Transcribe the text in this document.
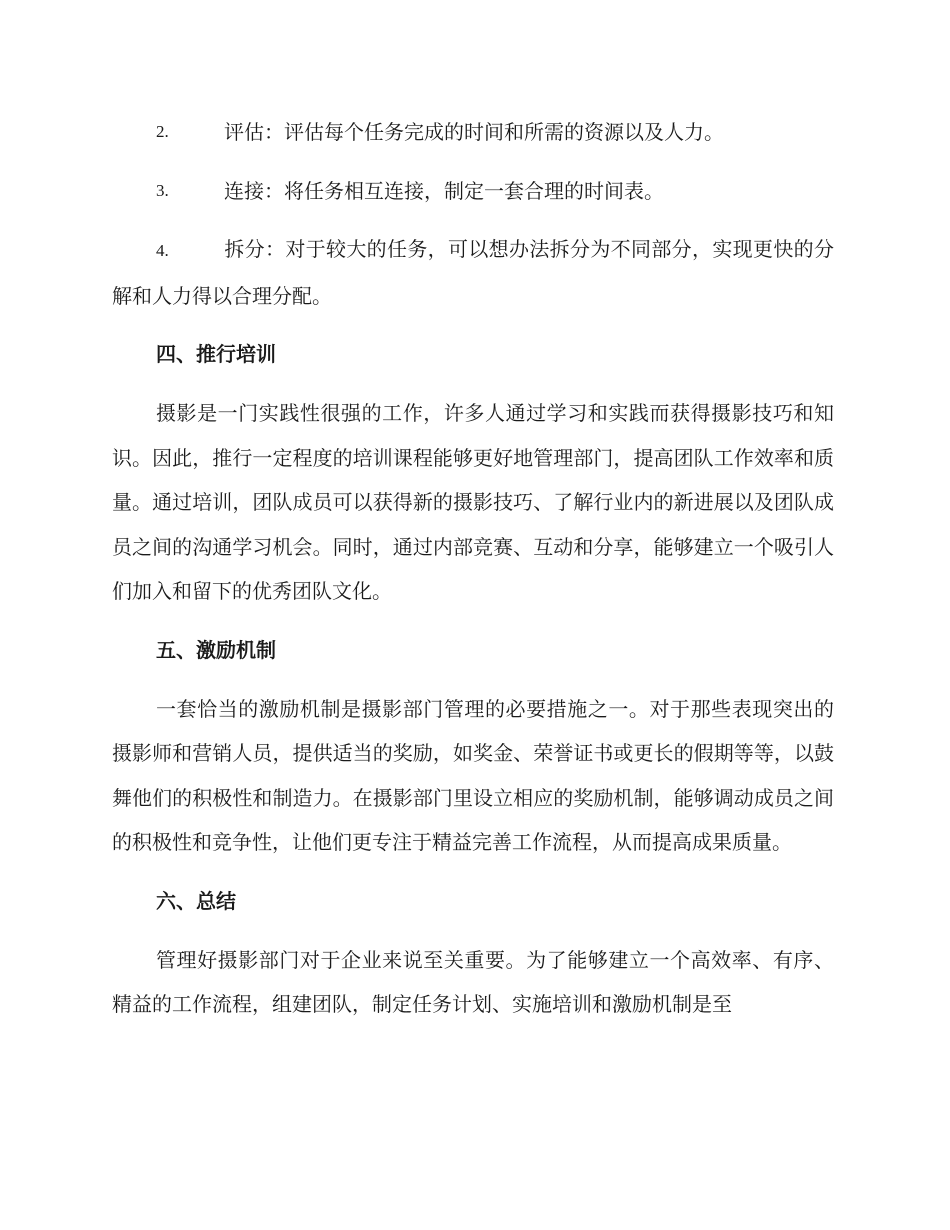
2.	评估：评估每个任务完成的时间和所需的资源以及人力。
3.	连接：将任务相互连接，制定一套合理的时间表。
4.	拆分：对于较大的任务，可以想办法拆分为不同部分，实现更快的分解和人力得以合理分配。
四、推行培训
摄影是一门实践性很强的工作，许多人通过学习和实践而获得摄影技巧和知识。因此，推行一定程度的培训课程能够更好地管理部门，提高团队工作效率和质量。通过培训，团队成员可以获得新的摄影技巧、了解行业内的新进展以及团队成员之间的沟通学习机会。同时，通过内部竞赛、互动和分享，能够建立一个吸引人们加入和留下的优秀团队文化。
五、激励机制
一套恰当的激励机制是摄影部门管理的必要措施之一。对于那些表现突出的摄影师和营销人员，提供适当的奖励，如奖金、荣誉证书或更长的假期等等，以鼓舞他们的积极性和制造力。在摄影部门里设立相应的奖励机制，能够调动成员之间的积极性和竞争性，让他们更专注于精益完善工作流程，从而提高成果质量。
六、总结
管理好摄影部门对于企业来说至关重要。为了能够建立一个高效率、有序、精益的工作流程，组建团队，制定任务计划、实施培训和激励机制是至
